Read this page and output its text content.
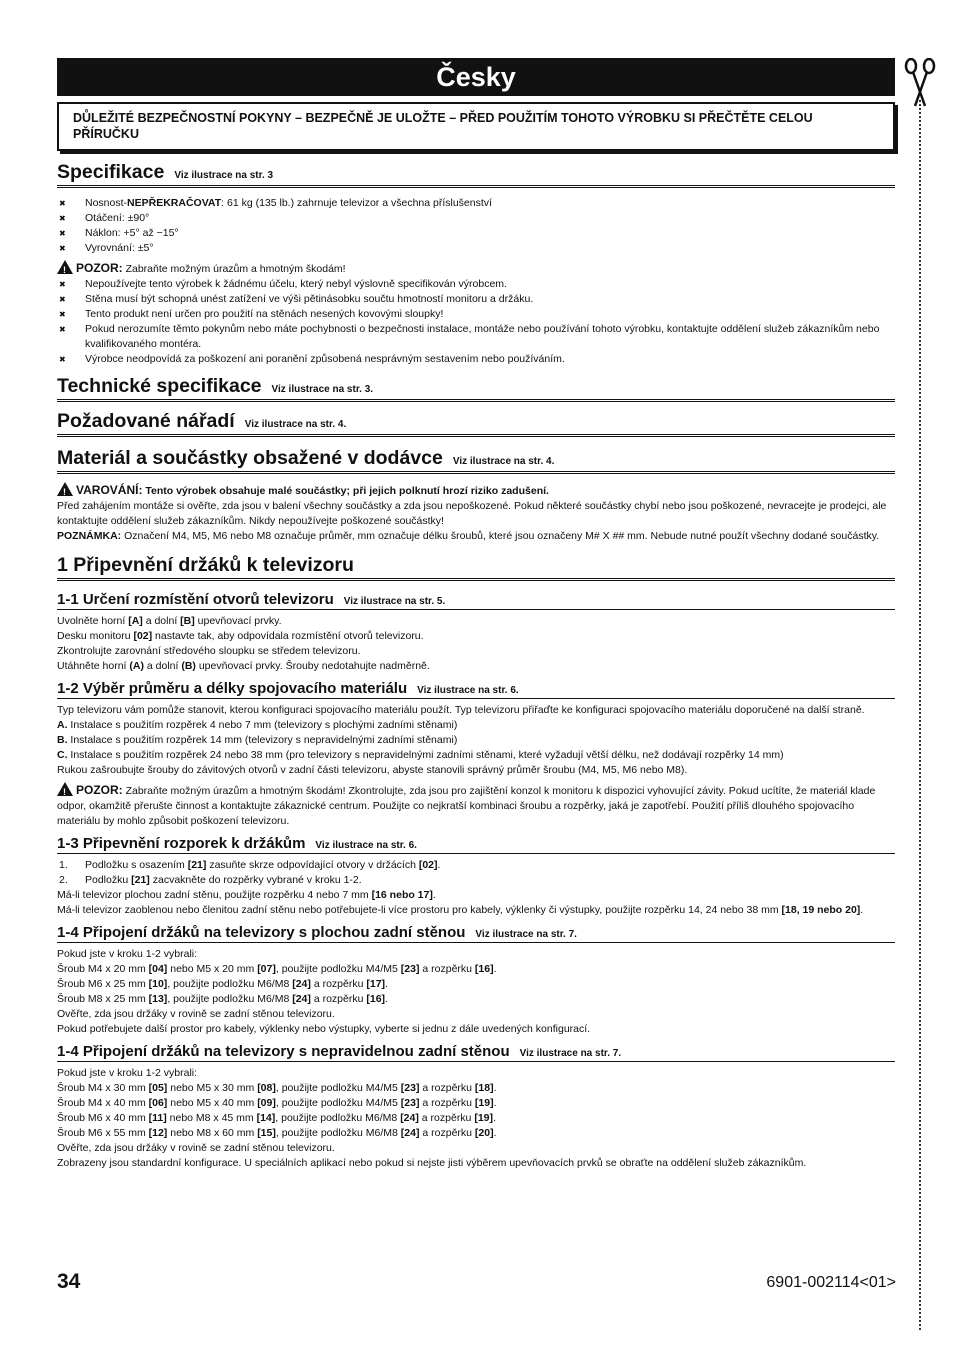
Česky
DŮLEŽITÉ BEZPEČNOSTNÍ POKYNY – BEZPEČNĚ JE ULOŽTE – PŘED POUŽITÍM TOHOTO VÝROBKU SI PŘEČTĚTE CELOU PŘÍRUČKU
Specifikace Viz ilustrace na str. 3
✖ Nosnost-NEPŘEKRAČOVAT: 61 kg (135 lb.) zahrnuje televizor a všechna příslušenství
✖ Otáčení: ±90°
✖ Náklon: +5° až −15°
✖ Vyrovnání: ±5°
! POZOR: Zabraňte možným úrazům a hmotným škodám!
✖ Nepoužívejte tento výrobek k žádnému účelu, který nebyl výslovně specifikován výrobcem.
✖ Stěna musí být schopná unést zatížení ve výši pětinásobku součtu hmotností monitoru a držáku.
✖ Tento produkt není určen pro použití na stěnách nesených kovovými sloupky!
✖ Pokud nerozumíte těmto pokynům nebo máte pochybnosti o bezpečnosti instalace, montáže nebo používání tohoto výrobku, kontaktujte oddělení služeb zákazníkům nebo kvalifikovaného montéra.
✖ Výrobce neodpovídá za poškození ani poranění způsobená nesprávným sestavením nebo používáním.
Technické specifikace Viz ilustrace na str. 3.
Požadované nářadí Viz ilustrace na str. 4.
Materiál a součástky obsažené v dodávce Viz ilustrace na str. 4.
! VAROVÁNÍ: Tento výrobek obsahuje malé součástky; při jejich polknutí hrozí riziko zadušení.
Před zahájením montáže si ověřte, zda jsou v balení všechny součástky a zda jsou nepoškozené. Pokud některé součástky chybí nebo jsou poškozené, nevracejte je prodejci, ale kontaktujte oddělení služeb zákazníkům. Nikdy nepoužívejte poškozené součástky!
POZNÁMKA: Označení M4, M5, M6 nebo M8 označuje průměr, mm označuje délku šroubů, které jsou označeny M# X ## mm. Nebude nutné použít všechny dodané součástky.
1 Připevnění držáků k televizoru
1-1 Určení rozmístění otvorů televizoru Viz ilustrace na str. 5.
Uvolněte horní [A] a dolní [B] upevňovací prvky.
Desku monitoru [02] nastavte tak, aby odpovídala rozmístění otvorů televizoru.
Zkontrolujte zarovnání středového sloupku se středem televizoru.
Utáhněte horní (A) a dolní (B) upevňovací prvky. Šrouby nedotahujte nadměrně.
1-2 Výběr průměru a délky spojovacího materiálu Viz ilustrace na str. 6.
Typ televizoru vám pomůže stanovit, kterou konfiguraci spojovacího materiálu použít. Typ televizoru přiřaďte ke konfiguraci spojovacího materiálu doporučené na další straně.
A. Instalace s použitím rozpěrek 4 nebo 7 mm (televizory s plochými zadními stěnami)
B. Instalace s použitím rozpěrek 14 mm (televizory s nepravidelnými zadními stěnami)
C. Instalace s použitím rozpěrek 24 nebo 38 mm (pro televizory s nepravidelnými zadními stěnami, které vyžadují větší délku, než dodávají rozpěrky 14 mm)
Rukou zašroubujte šrouby do závitových otvorů v zadní části televizoru, abyste stanovili správný průměr šroubu (M4, M5, M6 nebo M8).
! POZOR: Zabraňte možným úrazům a hmotným škodám! Zkontrolujte, zda jsou pro zajištění konzol k monitoru k dispozici vyhovující závity. Pokud ucítíte, že materiál klade odpor, okamžitě přerušte činnost a kontaktujte zákaznické centrum. Použijte co nejkratší kombinaci šroubu a rozpěrky, jaká je zapotřebí. Použití příliš dlouhého spojovacího materiálu by mohlo způsobit poškození televizoru.
1-3 Připevnění rozporek k držákům Viz ilustrace na str. 6.
1. Podložku s osazením [21] zasuňte skrze odpovídající otvory v držácích [02].
2. Podložku [21] zacvakněte do rozpěrky vybrané v kroku 1-2.
Má-li televizor plochou zadní stěnu, použijte rozpěrku 4 nebo 7 mm [16 nebo 17].
Má-li televizor zaoblenou nebo členitou zadní stěnu nebo potřebujete-li více prostoru pro kabely, výklenky či výstupky, použijte rozpěrku 14, 24 nebo 38 mm [18, 19 nebo 20].
1-4 Připojení držáků na televizory s plochou zadní stěnou Viz ilustrace na str. 7.
Pokud jste v kroku 1-2 vybrali:
Šroub M4 x 20 mm [04] nebo M5 x 20 mm [07], použijte podložku M4/M5 [23] a rozpěrku [16].
Šroub M6 x 25 mm [10], použijte podložku M6/M8 [24] a rozpěrku [17].
Šroub M8 x 25 mm [13], použijte podložku M6/M8 [24] a rozpěrku [16].
Ověřte, zda jsou držáky v rovině se zadní stěnou televizoru.
Pokud potřebujete další prostor pro kabely, výklenky nebo výstupky, vyberte si jednu z dále uvedených konfigurací.
1-4 Připojení držáků na televizory s nepravidelnou zadní stěnou Viz ilustrace na str. 7.
Pokud jste v kroku 1-2 vybrali:
Šroub M4 x 30 mm [05] nebo M5 x 30 mm [08], použijte podložku M4/M5 [23] a rozpěrku [18].
Šroub M4 x 40 mm [06] nebo M5 x 40 mm [09], použijte podložku M4/M5 [23] a rozpěrku [19].
Šroub M6 x 40 mm [11] nebo M8 x 45 mm [14], použijte podložku M6/M8 [24] a rozpěrku [19].
Šroub M6 x 55 mm [12] nebo M8 x 60 mm [15], použijte podložku M6/M8 [24] a rozpěrku [20].
Ověřte, zda jsou držáky v rovině se zadní stěnou televizoru.
Zobrazeny jsou standardní konfigurace. U speciálních aplikací nebo pokud si nejste jisti výběrem upevňovacích prvků se obraťte na oddělení služeb zákazníkům.
34	6901-002114<01>
